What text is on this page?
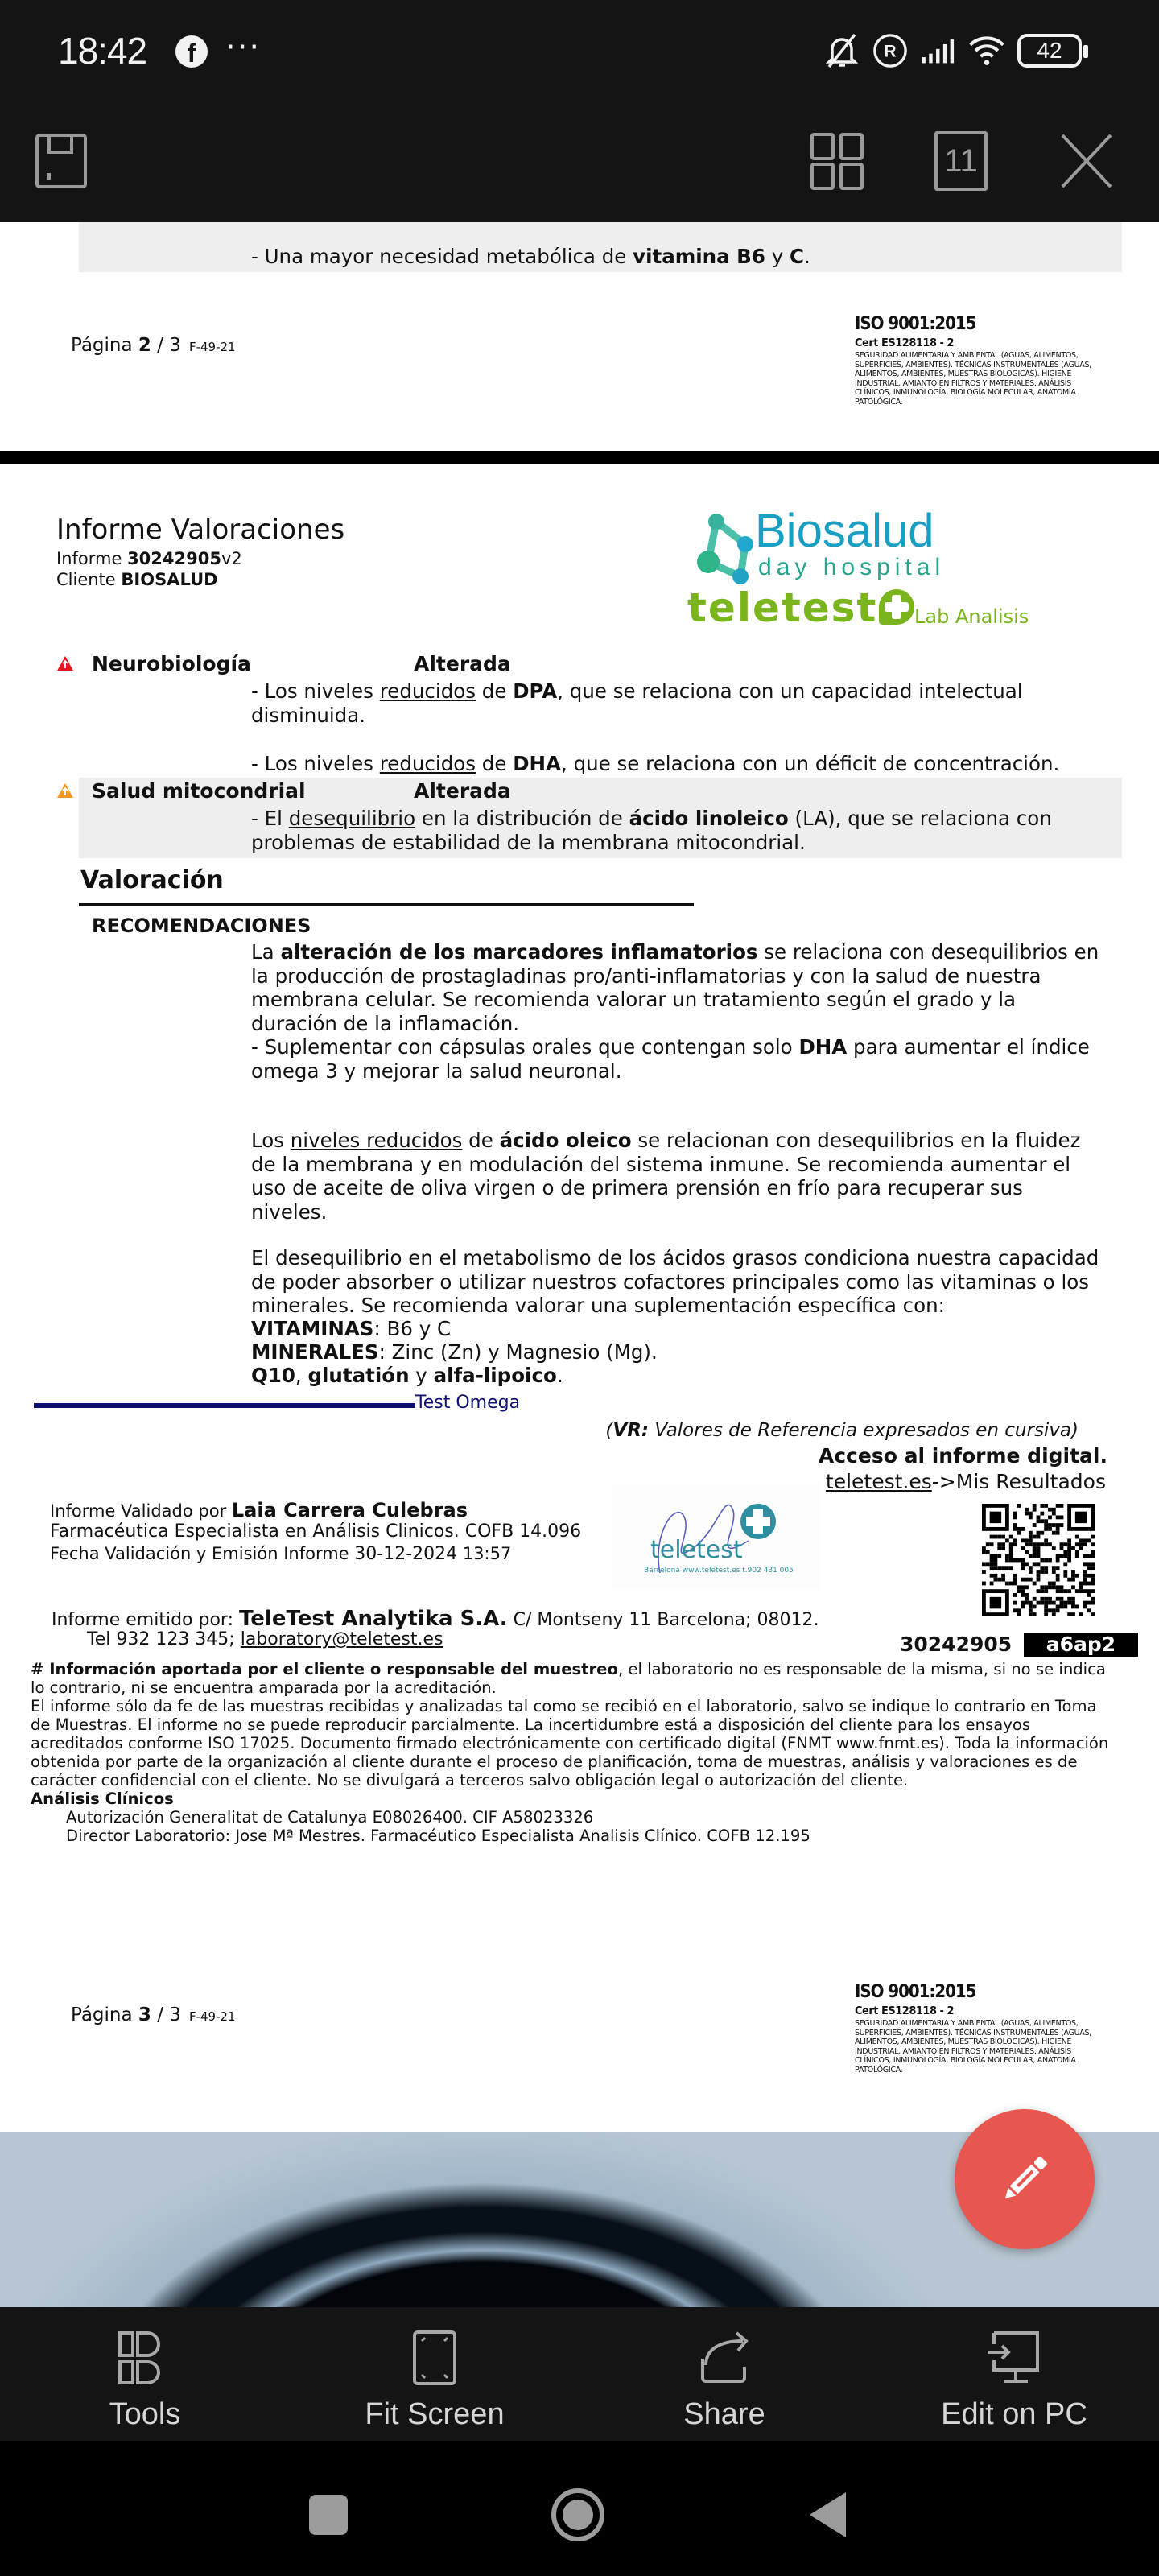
18:42	f ···	R	42
11
- Una mayor necesidad metabólica de vitamina B6 y C.
Página 2 / 3 F-49-21
ISO 9001:2015
Cert ES128118 - 2
SEGURIDAD ALIMENTARIA Y AMBIENTAL (AGUAS, ALIMENTOS, SUPERFICIES, AMBIENTES). TÉCNICAS INSTRUMENTALES (AGUAS, ALIMENTOS, AMBIENTES, MUESTRAS BIOLÓGICAS). HIGIENE INDUSTRIAL, AMIANTO EN FILTROS Y MATERIALES. ANÁLISIS CLÍNICOS, INMUNOLOGÍA, BIOLOGÍA MOLECULAR, ANATOMÍA PATOLÓGICA.
Informe Valoraciones
Informe 30242905v2
Cliente BIOSALUD
Biosalud
day hospital
teletest Lab Analisis
Neurobiología	Alterada
- Los niveles reducidos de DPA, que se relaciona con un capacidad intelectual disminuida.
- Los niveles reducidos de DHA, que se relaciona con un déficit de concentración.
Salud mitocondrial	Alterada
- El desequilibrio en la distribución de ácido linoleico (LA), que se relaciona con problemas de estabilidad de la membrana mitocondrial.
Valoración
RECOMENDACIONES
La alteración de los marcadores inflamatorios se relaciona con desequilibrios en la producción de prostagladinas pro/anti-inflamatorias y con la salud de nuestra membrana celular. Se recomienda valorar un tratamiento según el grado y la duración de la inflamación.
- Suplementar con cápsulas orales que contengan solo DHA para aumentar el índice omega 3 y mejorar la salud neuronal.
Los niveles reducidos de ácido oleico se relacionan con desequilibrios en la fluidez de la membrana y en modulación del sistema inmune. Se recomienda aumentar el uso de aceite de oliva virgen o de primera prensión en frío para recuperar sus niveles.
El desequilibrio en el metabolismo de los ácidos grasos condiciona nuestra capacidad de poder absorber o utilizar nuestros cofactores principales como las vitaminas o los minerales. Se recomienda valorar una suplementación específica con:
VITAMINAS: B6 y C
MINERALES: Zinc (Zn) y Magnesio (Mg).
Q10, glutatión y alfa-lipoico.
Test Omega
(VR: Valores de Referencia expresados en cursiva)
Acceso al informe digital.
teletest.es->Mis Resultados
teletest
Barcelona www.teletest.es t.902 431 005
Informe Validado por Laia Carrera Culebras
Farmacéutica Especialista en Análisis Clinicos. COFB 14.096
Fecha Validación y Emisión Informe 30-12-2024 13:57
Informe emitido por: TeleTest Analytika S.A. C/ Montseny 11 Barcelona; 08012.
Tel 932 123 345; laboratory@teletest.es	30242905	a6ap2
# Información aportada por el cliente o responsable del muestreo, el laboratorio no es responsable de la misma, si no se indica lo contrario, ni se encuentra amparada por la acreditación.
El informe sólo da fe de las muestras recibidas y analizadas tal como se recibió en el laboratorio, salvo se indique lo contrario en Toma de Muestras. El informe no se puede reproducir parcialmente. La incertidumbre está a disposición del cliente para los ensayos acreditados conforme ISO 17025. Documento firmado electrónicamente con certificado digital (FNMT www.fnmt.es). Toda la información obtenida por parte de la organización al cliente durante el proceso de planificación, toma de muestras, análisis y valoraciones es de carácter confidencial con el cliente. No se divulgará a terceros salvo obligación legal o autorización del cliente.
Análisis Clínicos
Autorización Generalitat de Catalunya E08026400. CIF A58023326
Director Laboratorio: Jose Mª Mestres. Farmacéutico Especialista Analisis Clínico. COFB 12.195
Página 3 / 3 F-49-21
ISO 9001:2015
Cert ES128118 - 2
SEGURIDAD ALIMENTARIA Y AMBIENTAL (AGUAS, ALIMENTOS, SUPERFICIES, AMBIENTES). TÉCNICAS INSTRUMENTALES (AGUAS, ALIMENTOS, AMBIENTES, MUESTRAS BIOLÓGICAS). HIGIENE INDUSTRIAL, AMIANTO EN FILTROS Y MATERIALES. ANÁLISIS CLÍNICOS, INMUNOLOGÍA, BIOLOGÍA MOLECULAR, ANATOMÍA PATOLÓGICA.
Tools	Fit Screen	Share	Edit on PC
